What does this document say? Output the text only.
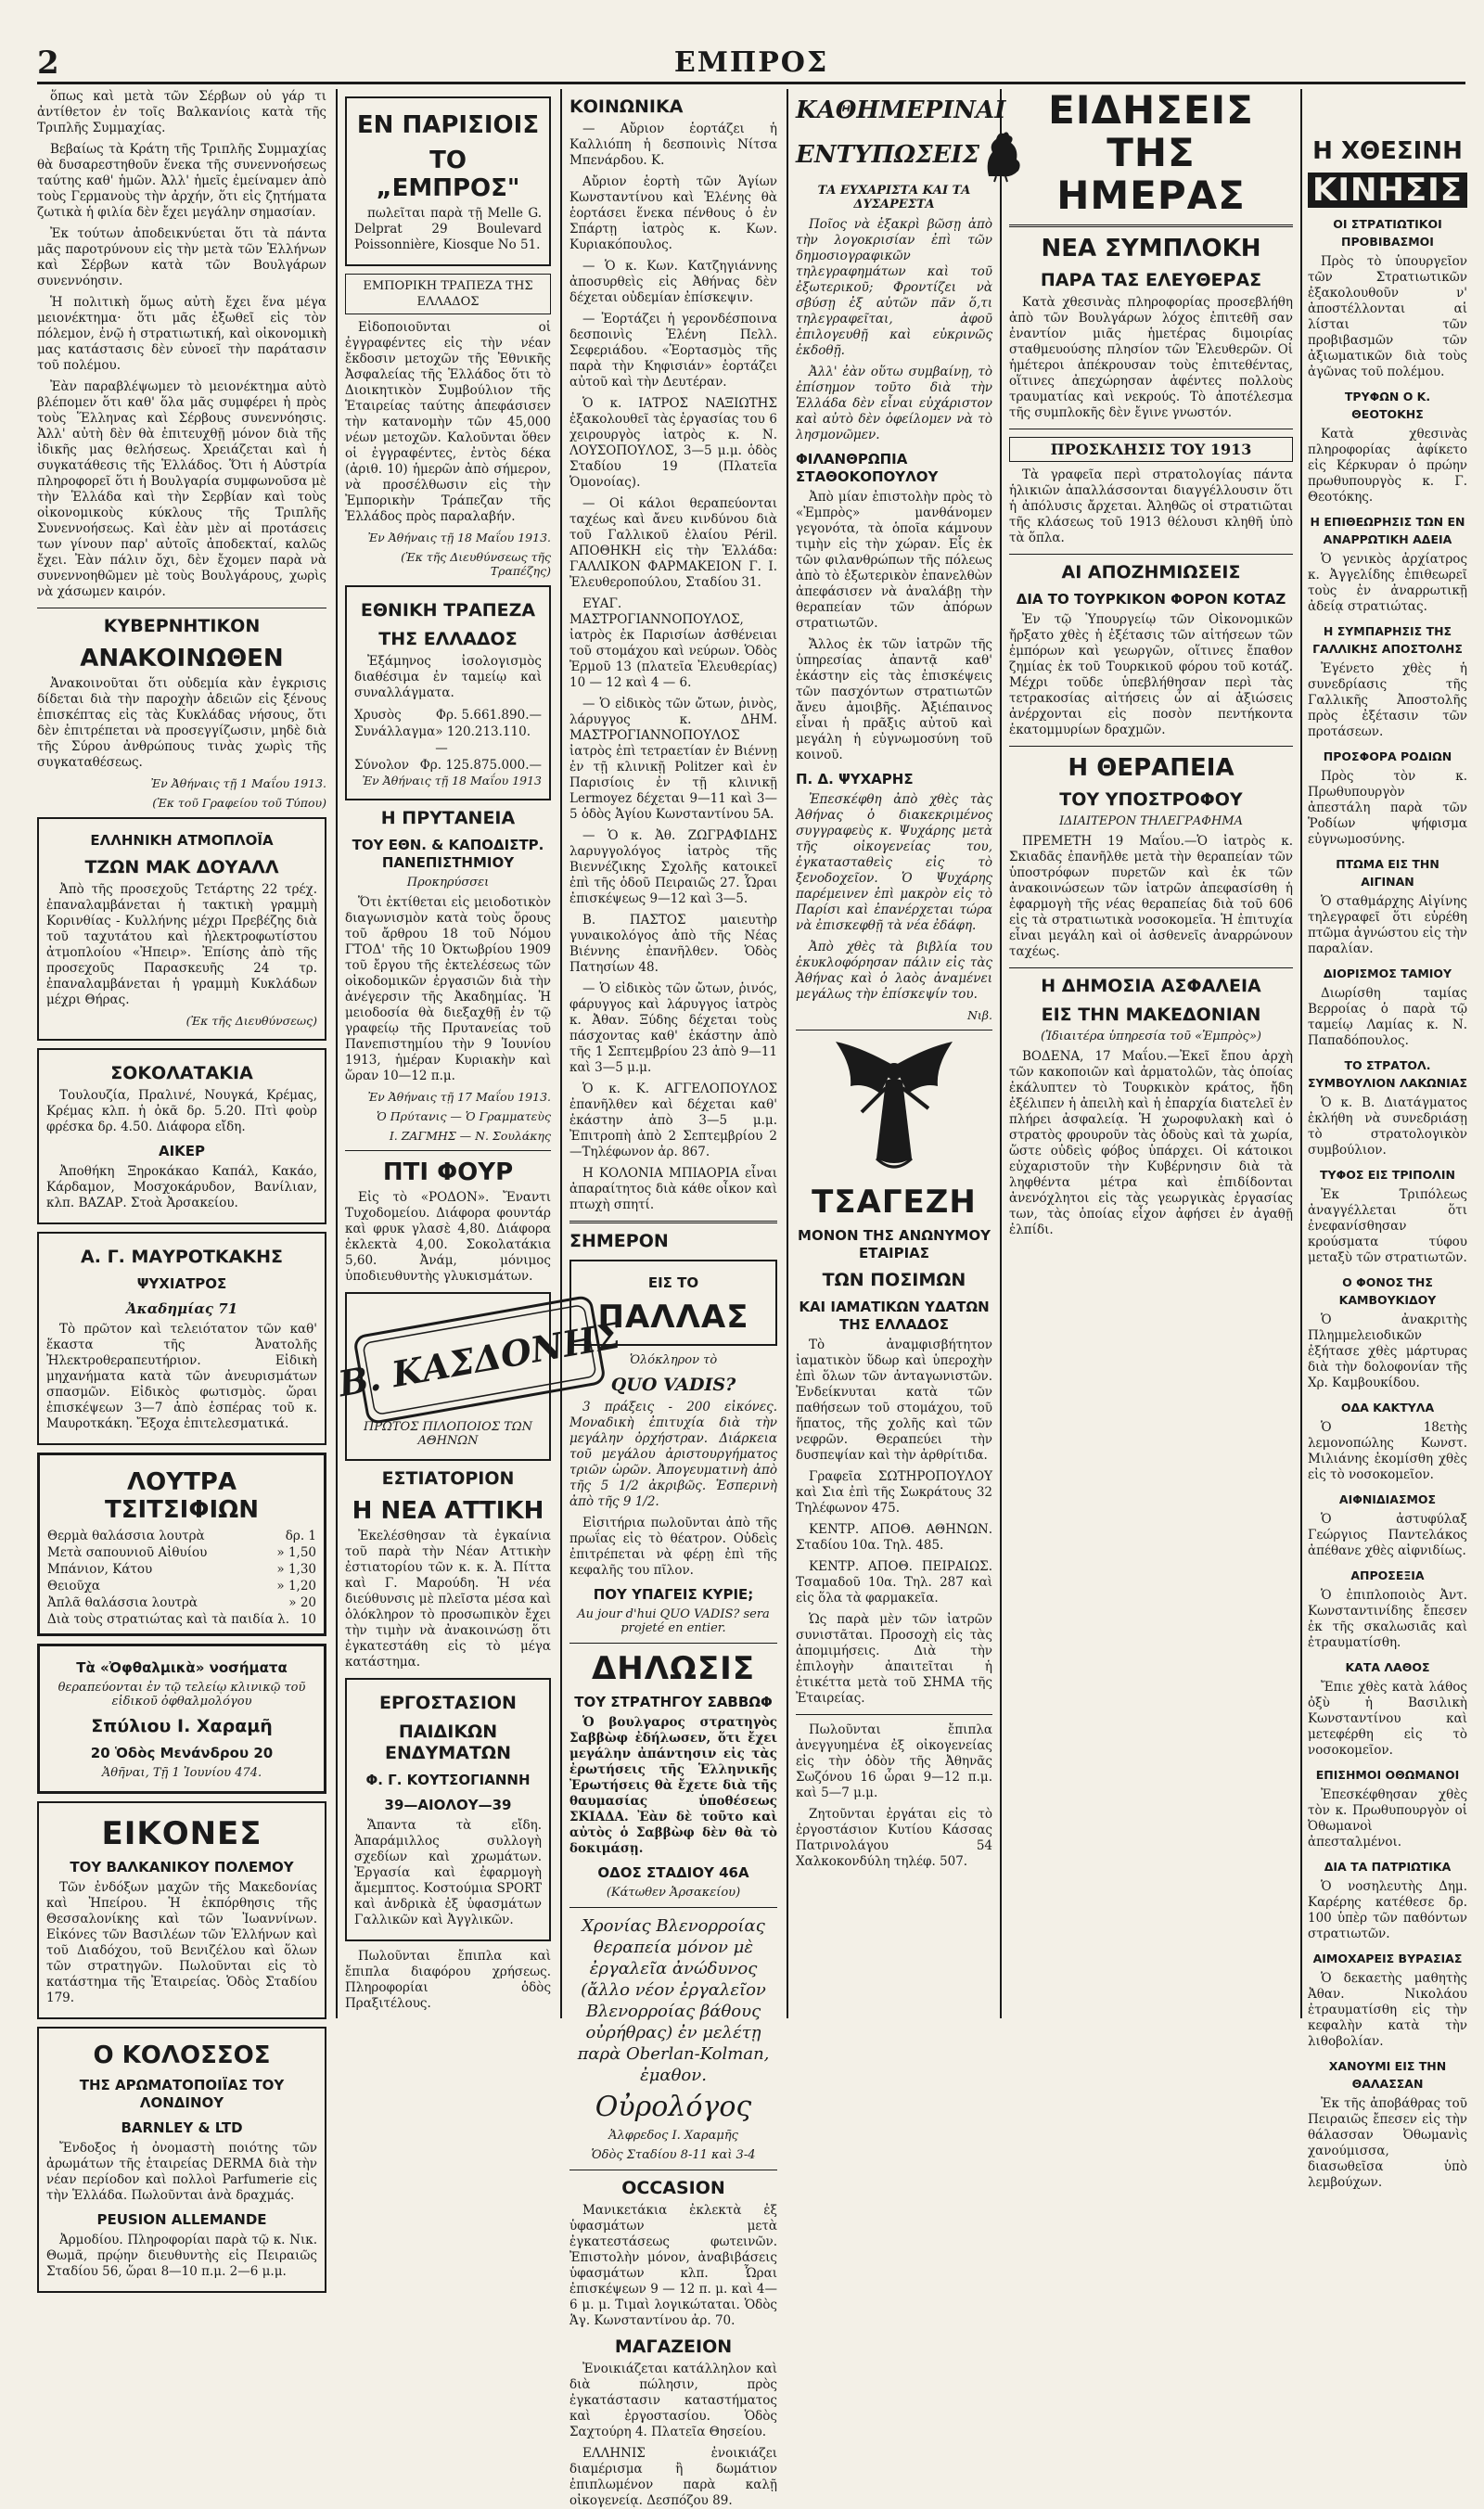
2	ΕΜΠΡΟΣ

ὅπως καὶ μετὰ τῶν Σέρβων οὐ γάρ τι ἀντίθετον ἐν τοῖς Βαλκανίοις κατὰ τῆς Τριπλῆς Συμμαχίας.

Βεβαίως τὰ Κράτη τῆς Τριπλῆς Συμμαχίας θὰ δυσαρεστηθοῦν ἕνεκα τῆς συνεννοήσεως ταύτης καθ' ἡμῶν. Ἀλλ' ἡμεῖς ἐμείναμεν ἀπὸ τοὺς Γερμανοὺς τὴν ἀρχήν, ὅτι εἰς ζητήματα ζωτικὰ ἡ φιλία δὲν ἔχει μεγάλην σημασίαν.

Ἐκ τούτων ἀποδεικνύεται ὅτι τὰ πάντα μᾶς παροτρύνουν εἰς τὴν μετὰ τῶν Ἑλλήνων καὶ Σέρβων κατὰ τῶν Βουλγάρων συνεννόησιν.

Ἡ πολιτικὴ ὅμως αὐτὴ ἔχει ἕνα μέγα μειονέκτημα· ὅτι μᾶς ἐξωθεῖ εἰς τὸν πόλεμον, ἐνῷ ἡ στρατιωτική, καὶ οἰκονομικὴ μας κατάστασις δὲν εὐνοεῖ τὴν παράτασιν τοῦ πολέμου.

Ἐὰν παραβλέψωμεν τὸ μειονέκτημα αὐτὸ βλέπομεν ὅτι καθ' ὅλα μᾶς συμφέρει ἡ πρὸς τοὺς Ἕλληνας καὶ Σέρβους συνεννόησις. Ἀλλ' αὐτὴ δὲν θὰ ἐπιτευχθῇ μόνον διὰ τῆς ἰδικῆς μας θελήσεως. Χρειάζεται καὶ ἡ συγκατάθεσις τῆς Ἑλλάδος. Ὅτι ἡ Αὐστρία πληροφορεῖ ὅτι ἡ Βουλγαρία συμφωνοῦσα μὲ τὴν Ἑλλάδα καὶ τὴν Σερβίαν καὶ τοὺς οἰκονομικοὺς κύκλους τῆς Τριπλῆς Συνεννοήσεως. Καὶ ἐὰν μὲν αἱ προτάσεις των γίνουν παρ' αὐτοῖς ἀποδεκταί, καλῶς ἔχει. Ἐὰν πάλιν ὄχι, δὲν ἔχομεν παρὰ νὰ συνεννοηθῶμεν μὲ τοὺς Βουλγάρους, χωρὶς νὰ χάσωμεν καιρόν.

ΚΥΒΕΡΝΗΤΙΚΟΝ
ΑΝΑΚΟΙΝΩΘΕΝ

Ἀνακοινοῦται ὅτι οὐδεμία κὰν ἐγκρισις δίδεται διὰ τὴν παροχὴν ἀδειῶν εἰς ξένους ἐπισκέπτας εἰς τὰς Κυκλάδας νήσους, ὅτι δὲν ἐπιτρέπεται νὰ προσεγγίζωσιν, μηδὲ διὰ τῆς Σύρου ἀνθρώπους τινὰς χωρὶς τῆς συγκαταθέσεως.

Ἐν Ἀθήναις τῇ 1 Μαΐου 1913.
(Ἐκ τοῦ Γραφείου τοῦ Τύπου)
ΕΛΛΗΝΙΚΗ ΑΤΜΟΠΛΟΪΑ
ΤΖΩΝ ΜΑΚ ΔΟΥΑΛΛ

Ἀπὸ τῆς προσεχοῦς Τετάρτης 22 τρέχ. ἐπαναλαμβάνεται ἡ τακτικὴ γραμμὴ Κορινθίας - Κυλλήνης μέχρι Πρεβέζης διὰ τοῦ ταχυτάτου καὶ ἠλεκτροφωτίστου ἀτμοπλοίου «Ἠπειρ». Ἐπίσης ἀπὸ τῆς προσεχοῦς Παρασκευῆς 24 τρ. ἐπαναλαμβάνεται ἡ γραμμὴ Κυκλάδων μέχρι Θήρας.

(Ἐκ τῆς Διευθύνσεως)
ΣΟΚΟΛΑΤΑΚΙΑ

Τουλουζία, Πραλινέ, Νουγκά, Κρέμας, Κρέμας κλπ. ἡ ὀκᾶ δρ. 5.20. Πτὶ φοὺρ φρέσκα δρ. 4.50. Διάφορα εἴδη.

ΑΙΚΕΡ

Ἀποθήκη Ξηροκάκαο Καπάλ, Κακάο, Κάρδαμον, Μοσχοκάρυδον, Βανίλιαν, κλπ. ΒΑΖΑΡ. Στοὰ Ἀρσακείου.

Α. Γ. ΜΑΥΡΟΤΚΑΚΗΣ
ΨΥΧΙΑΤΡΟΣ
Ἀκαδημίας 71

Τὸ πρῶτον καὶ τελειότατον τῶν καθ' ἕκαστα τῆς Ἀνατολῆς Ἠλεκτροθεραπευτήριον. Εἰδικὴ μηχανήματα κατὰ τῶν ἀνευρισμάτων σπασμῶν. Εἰδικὸς φωτισμὸς. ὥραι ἐπισκέψεων 3—7 ἀπὸ ἑσπέρας τοῦ κ. Μαυροτκάκη. Ἔξοχα ἐπιτελεσματικά.

ΛΟΥΤΡΑ ΤΣΙΤΣΙΦΙΩΝ
Θερμὰ θαλάσσια λουτρὰ	δρ. 1
Μετὰ σαπουνιοῦ Αἰθυίου	» 1,50
Μπάνιον, Κάτου	» 1,30
Θειοῦχα	» 1,20
Ἀπλᾶ θαλάσσια λουτρὰ	» 20
Διὰ τοὺς στρατιώτας καὶ τὰ παιδία λ. 10
Τὰ «Ὀφθαλμικὰ» νοσήματα
θεραπεύονται ἐν τῷ τελείῳ κλινικῷ τοῦ εἰδικοῦ ὀφθαλμολόγου
Σπύλιου Ι. Χαραμῆ
20 Ὁδὸς Μενάνδρου 20
Ἀθῆναι, Τῇ 1 Ἰουνίου 474.
ΕΙΚΟΝΕΣ
ΤΟΥ ΒΑΛΚΑΝΙΚΟΥ ΠΟΛΕΜΟΥ

Τῶν ἐνδόξων μαχῶν τῆς Μακεδονίας καὶ Ἠπείρου. Ἡ ἐκπόρθησις τῆς Θεσσαλονίκης καὶ τῶν Ἰωαννίνων. Εἰκόνες τῶν Βασιλέων τῶν Ἑλλήνων καὶ τοῦ Διαδόχου, τοῦ Βενιζέλου καὶ ὅλων τῶν στρατηγῶν. Πωλοῦνται εἰς τὸ κατάστημα τῆς Ἐταιρείας. Ὁδὸς Σταδίου 179.

Ο ΚΟΛΟΣΣΟΣ
ΤΗΣ ΑΡΩΜΑΤΟΠΟΙΪΑΣ ΤΟΥ ΛΟΝΔΙΝΟΥ
BARNLEY & LTD

Ἔνδοξος ἡ ὀνομαστὴ ποιότης τῶν ἀρωμάτων τῆς ἑταιρείας DERMA διὰ τὴν νέαν περίοδον καὶ πολλοὶ Parfumerie εἰς τὴν Ἑλλάδα. Πωλοῦνται ἀνὰ δραχμάς.

PEUSION ALLEMANDE

Ἀρμοδίου. Πληροφορίαι παρὰ τῷ κ. Νικ. Θωμᾶ, πρῴην διευθυντὴς εἰς Πειραιῶς Σταδίου 56, ὥραι 8—10 π.μ. 2—6 μ.μ.

ΕΝ ΠΑΡΙΣΙΟΙΣ
ΤΟ „ΕΜΠΡΟΣ"

πωλεῖται παρὰ τῇ Melle G. Delprat 29 Boulevard Poissonnière, Kiosque No 51.

ΕΜΠΟΡΙΚΗ ΤΡΑΠΕΖΑ ΤΗΣ ΕΛΛΑΔΟΣ

Εἰδοποιοῦνται οἱ ἐγγραφέντες εἰς τὴν νέαν ἔκδοσιν μετοχῶν τῆς Ἐθνικῆς Ἀσφαλείας τῆς Ἑλλάδος ὅτι τὸ Διοικητικὸν Συμβούλιον τῆς Ἑταιρείας ταύτης ἀπεφάσισεν τὴν κατανομὴν τῶν 45,000 νέων μετοχῶν. Καλοῦνται ὅθεν οἱ ἐγγραφέντες, ἐντὸς δέκα (ἀριθ. 10) ἡμερῶν ἀπὸ σήμερον, νὰ προσέλθωσιν εἰς τὴν Ἐμπορικὴν Τράπεζαν τῆς Ἑλλάδος πρὸς παραλαβήν.

Ἐν Ἀθήναις τῇ 18 Μαΐου 1913.
(Ἐκ τῆς Διευθύνσεως τῆς Τραπέζης)
ΕΘΝΙΚΗ ΤΡΑΠΕΖΑ
ΤΗΣ ΕΛΛΑΔΟΣ

Ἐξάμηνος ἰσολογισμὸς διαθέσιμα ἐν ταμείῳ καὶ συναλλάγματα.

Χρυσὸς	Φρ. 5.661.890.—
Συνάλλαγμα » 120.213.110.—
Σύνολον Φρ. 125.875.000.—
Ἐν Ἀθήναις τῇ 18 Μαΐου 1913
Η ΠΡΥΤΑΝΕΙΑ
ΤΟΥ ΕΘΝ. & ΚΑΠΟΔΙΣΤΡ. ΠΑΝΕΠΙΣΤΗΜΙΟΥ
Προκηρύσσει

Ὅτι ἐκτίθεται εἰς μειοδοτικὸν διαγωνισμὸν κατὰ τοὺς ὅρους τοῦ ἄρθρου 18 τοῦ Νόμου ΓΤΟΔ' τῆς 10 Ὀκτωβρίου 1909 τοῦ ἔργου τῆς ἐκτελέσεως τῶν οἰκοδομικῶν ἐργασιῶν διὰ τὴν ἀνέγερσιν τῆς Ἀκαδημίας. Ἡ μειοδοσία θὰ διεξαχθῇ ἐν τῷ γραφείῳ τῆς Πρυτανείας τοῦ Πανεπιστημίου τὴν 9 Ἰουνίου 1913, ἡμέραν Κυριακὴν καὶ ὥραν 10—12 π.μ.

Ἐν Ἀθήναις τῇ 17 Μαΐου 1913.
Ὁ Πρύτανις — Ὁ Γραμματεὺς
Ι. ΖΑΓΜΗΣ — Ν. Σουλάκης
ΠΤΙ ΦΟΥΡ

Εἰς τὸ «ΡΟΔΟΝ». Ἔναντι Τυχοδομείου. Διάφορα φουντάρ καὶ φρυκ γλασὲ 4,80. Διάφορα ἐκλεκτὰ 4,00. Σοκολατάκια 5,60. Ἀνάμ, μόνιμος ὑποδιευθυντὴς γλυκισμάτων.

Β. ΚΑΣΔΟΝΗΣ
ΠΡΩΤΟΣ ΠΙΛΟΠΟΙΟΣ ΤΩΝ ΑΘΗΝΩΝ
ΕΣΤΙΑΤΟΡΙΟΝ
Η ΝΕΑ ΑΤΤΙΚΗ

Ἐκελέσθησαν τὰ ἐγκαίνια τοῦ παρὰ τὴν Νέαν Αττικὴν ἐστιατορίου τῶν κ. κ. Ἀ. Πίττα καὶ Γ. Μαρούδη. Ἡ νέα διεύθυνσις μὲ πλεῖστα μέσα καὶ ὁλόκληρον τὸ προσωπικὸν ἔχει τὴν τιμὴν νὰ ἀνακοινώσῃ ὅτι ἐγκατεστάθη εἰς τὸ μέγα κατάστημα.

ΕΡΓΟΣΤΑΣΙΟΝ
ΠΑΙΔΙΚΩΝ ΕΝΔΥΜΑΤΩΝ
Φ. Γ. ΚΟΥΤΣΟΓΙΑΝΝΗ
39—ΑΙΟΛΟΥ—39

Ἄπαντα τὰ εἴδη. Ἀπαράμιλλος συλλογὴ σχεδίων καὶ χρωμάτων. Ἐργασία καὶ ἐφαρμογὴ ἄμεμπτος. Κοστούμια SPORT καὶ ἀνδρικὰ ἐξ ὑφασμάτων Γαλλικῶν καὶ Ἀγγλικῶν.

Πωλοῦνται ἔπιπλα καὶ ἔπιπλα διαφόρου χρήσεως. Πληροφορίαι ὁδὸς Πραξιτέλους.

ΚΟΙΝΩΝΙΚΑ

— Αὔριον ἑορτάζει ἡ Καλλιόπη ἡ δεσποινὶς Νίτσα Μπενάρδου. Κ.

Αὔριον ἑορτὴ τῶν Ἁγίων Κωνσταντίνου καὶ Ἑλένης θὰ ἑορτάσει ἕνεκα πένθους ὁ ἐν Σπάρτῃ ἰατρὸς κ. Κων. Κυριακόπουλος.

— Ὁ κ. Κων. Κατζηγιάννης ἀποσυρθεὶς εἰς Ἀθήνας δὲν δέχεται οὐδεμίαν ἐπίσκεψιν.

— Ἑορτάζει ἡ γερονδέσποινα δεσποινὶς Ἑλένη Πελλ. Σεφεριάδου. «Ἑορτασμὸς τῆς παρὰ τὴν Κηφισιάν» ἑορτάζει αὐτοῦ καὶ τὴν Δευτέραν.

Ὁ κ. ΙΑΤΡΟΣ ΝΑΞΙΩΤΗΣ ἐξακολουθεῖ τὰς ἐργασίας του 6 χειρουργὸς ἰατρὸς κ. Ν. ΛΟΥΣΟΠΟΥΛΟΣ, 3—5 μ.μ. ὁδὸς Σταδίου 19 (Πλατεῖα Ὁμονοίας).

— Οἱ κάλοι θεραπεύονται ταχέως καὶ ἄνευ κινδύνου διὰ τοῦ Γαλλικοῦ ἐλαίου Péril. ΑΠΟΘΗΚΗ εἰς τὴν Ἑλλάδα: ΓΑΛΛΙΚΟΝ ΦΑΡΜΑΚΕΙΟΝ Γ. Ι. Ἐλευθεροπούλου, Σταδίου 31.

ΕΥΑΓ. ΜΑΣΤΡΟΓΙΑΝΝΟΠΟΥΛΟΣ, ἰατρὸς ἐκ Παρισίων ἀσθένειαι τοῦ στομάχου καὶ νεύρων. Ὁδὸς Ἑρμοῦ 13 (πλατεῖα Ἐλευθερίας) 10 — 12 καὶ 4 — 6.

— Ὁ εἰδικὸς τῶν ὤτων, ῥινὸς, λάρυγγος κ. ΔΗΜ. ΜΑΣΤΡΟΓΙΑΝΝΟΠΟΥΛΟΣ ἰατρὸς ἐπὶ τετραετίαν ἐν Βιέννῃ ἐν τῇ κλινικῇ Politzer καὶ ἐν Παρισίοις ἐν τῇ κλινικῇ Lermoyez δέχεται 9—11 καὶ 3—5 ὁδὸς Ἁγίου Κωνσταντίνου 5Α.

— Ὁ κ. Ἀθ. ΖΩΓΡΑΦΙΔΗΣ λαρυγγολόγος ἰατρὸς τῆς Βιεννέζικης Σχολῆς κατοικεῖ ἐπὶ τῆς ὁδοῦ Πειραιῶς 27. Ὧραι ἐπισκέψεως 9—12 καὶ 3—5.

Β. ΠΑΣΤΟΣ μαιευτὴρ γυναικολόγος ἀπὸ τῆς Νέας Βιέννης ἐπανῆλθεν. Ὁδὸς Πατησίων 48.

— Ὁ εἰδικὸς τῶν ὤτων, ῥινός, φάρυγγος καὶ λάρυγγος ἰατρὸς κ. Ἀθαν. Ξύδης δέχεται τοὺς πάσχοντας καθ' ἑκάστην ἀπὸ τῆς 1 Σεπτεμβρίου 23 ἀπὸ 9—11 καὶ 3—5 μ.μ.

Ὁ κ. Κ. ΑΓΓΕΛΟΠΟΥΛΟΣ ἐπανῆλθεν καὶ δέχεται καθ' ἑκάστην ἀπὸ 3—5 μ.μ. Ἐπιτροπὴ ἀπὸ 2 Σεπτεμβρίου 2—Τηλέφωνον ἀρ. 867.

Η ΚΟΛΟΝΙΑ ΜΠΙΑΟΡΙΑ εἶναι ἀπαραίτητος διὰ κάθε οἶκον καὶ πτωχὴ σπητί.

ΣΗΜΕΡΟΝ
ΕΙΣ ΤΟ
ΠΑΛΛΑΣ
Ὁλόκληρον τὸ
QUO VADIS?

3 πράξεις - 200 εἰκόνες. Μοναδικὴ ἐπιτυχία διὰ τὴν μεγάλην ὀρχήστραν. Διάρκεια τοῦ μεγάλου ἀριστουργήματος τριῶν ὡρῶν. Ἀπογευματινὴ ἀπὸ τῆς 5 1/2 ἀκριβῶς. Ἑσπερινὴ ἀπὸ τῆς 9 1/2.

Εἰσιτήρια πωλοῦνται ἀπὸ τῆς πρωΐας εἰς τὸ θέατρον. Οὐδεὶς ἐπιτρέπεται νὰ φέρῃ ἐπὶ τῆς κεφαλῆς του πῖλον.

ΠΟΥ ΥΠΑΓΕΙΣ ΚΥΡΙΕ;
Au jour d'hui QUO VADIS? sera projeté en entier.
ΔΗΛΩΣΙΣ
ΤΟΥ ΣΤΡΑΤΗΓΟΥ ΣΑΒΒΩΦ

Ὁ βουλγαρος στρατηγὸς Σαββὼφ ἐδήλωσεν, ὅτι ἔχει μεγάλην ἀπάντησιν εἰς τὰς ἐρωτήσεις τῆς Ἑλληνικῆς Ἐρωτήσεις θὰ ἔχετε διὰ τῆς θαυμασίας ὑποθέσεως ΣΚΙΑΔΑ. Ἐὰν δὲ τοῦτο καὶ αὐτὸς ὁ Σαββὼφ δὲν θὰ τὸ δοκιμάσῃ.

ΟΔΟΣ ΣΤΑΔΙΟΥ 46Α
(Κάτωθεν Ἀρσακείου)
Χρονίας Βλενορροίας θεραπεία μόνον μὲ ἐργαλεῖα ἀνώδυνος (ἄλλο νέον ἐργαλεῖον Βλενορροίας βάθους οὐρήθρας) ἐν μελέτῃ παρὰ Oberlan-Kolman, ἐμαθον.
Οὐρολόγος
Ἀλφρεδος Ι. Χαραμῆς
Ὁδὸς Σταδίου 8-11 καὶ 3-4
OCCASION

Μανικετάκια ἐκλεκτὰ ἐξ ὑφασμάτων μετὰ ἐγκατεστάσεως φωτεινῶν. Ἐπιστολὴν μόνον, ἀναβιβάσεις ὑφασμάτων κλπ. Ὧραι ἐπισκέψεων 9 — 12 π. μ. καὶ 4—6 μ. μ. Τιμαὶ λογικώταται. Ὁδὸς Ἁγ. Κωνσταντίνου ἀρ. 70.

ΜΑΓΑΖΕΙΟΝ

Ἐνοικιάζεται κατάλληλον καὶ διὰ πώλησιν, πρὸς ἐγκατάστασιν καταστήματος καὶ ἐργοστασίου. Ὁδὸς Σαχτούρη 4. Πλατεῖα Θησείου.

ΕΛΛΗΝΙΣ ἐνοικιάζει διαμέρισμα ἢ δωμάτιον ἐπιπλωμένον παρὰ καλῇ οἰκογενείᾳ. Δεσπόζου 89.

ΚΑΘΗΜΕΡΙΝΑΙ
ΕΝΤΥΠΩΣΕΙΣ
ΤΑ ΕΥΧΑΡΙΣΤΑ ΚΑΙ ΤΑ ΔΥΣΑΡΕΣΤΑ

Ποῖος νὰ ἐξακρὶ βῶσῃ ἀπὸ τὴν λογοκρισίαν ἐπὶ τῶν δημοσιογραφικῶν τηλεγραφημάτων καὶ τοῦ ἐξωτερικοῦ; Φροντίζει νὰ σβύσῃ ἐξ αὐτῶν πᾶν ὅ,τι τηλεγραφεῖται, ἀφοῦ ἐπιλογευθῇ καὶ εὐκρινῶς ἐκδοθῇ.

Ἀλλ' ἐὰν οὕτω συμβαίνῃ, τὸ ἐπίσημον τοῦτο διὰ τὴν Ἑλλάδα δὲν εἶναι εὐχάριστον καὶ αὐτὸ δὲν ὀφείλομεν νὰ τὸ λησμονῶμεν.

ΦΙΛΑΝΘΡΩΠΙΑ ΣΤΑΘΟΚΟΠΟΥΛΟΥ

Ἀπὸ μίαν ἐπιστολὴν πρὸς τὸ «Ἐμπρὸς» μανθάνομεν γεγονότα, τὰ ὁποῖα κάμνουν τιμὴν εἰς τὴν χώραν. Εἷς ἐκ τῶν φιλανθρώπων τῆς πόλεως ἀπὸ τὸ ἐξωτερικὸν ἐπανελθὼν ἀπεφάσισεν νὰ ἀναλάβῃ τὴν θεραπείαν τῶν ἀπόρων στρατιωτῶν.

Ἄλλος ἐκ τῶν ἰατρῶν τῆς ὑπηρεσίας ἀπαντᾷ καθ' ἑκάστην εἰς τὰς ἐπισκέψεις τῶν πασχόντων στρατιωτῶν ἄνευ ἀμοιβῆς. Ἀξιέπαινος εἶναι ἡ πρᾶξις αὐτοῦ καὶ μεγάλη ἡ εὐγνωμοσύνη τοῦ κοινοῦ.

Π. Δ. ΨΥΧΑΡΗΣ

Ἐπεσκέφθη ἀπὸ χθὲς τὰς Ἀθήνας ὁ διακεκριμένος συγγραφεὺς κ. Ψυχάρης μετὰ τῆς οἰκογενείας του, ἐγκατασταθεὶς εἰς τὸ ξενοδοχεῖον. Ὁ Ψυχάρης παρέμεινεν ἐπὶ μακρὸν εἰς τὸ Παρίσι καὶ ἐπανέρχεται τώρα νὰ ἐπισκεφθῇ τὰ νέα ἐδάφη.

Ἀπὸ χθὲς τὰ βιβλία του ἐκυκλοφόρησαν πάλιν εἰς τὰς Ἀθήνας καὶ ὁ λαὸς ἀναμένει μεγάλως τὴν ἐπίσκεψίν του.

Νιβ.
ΤΣΑΓΕΖΗ
ΜΟΝΟΝ ΤΗΣ ΑΝΩΝΥΜΟΥ ΕΤΑΙΡΙΑΣ
ΤΩΝ ΠΟΣΙΜΩΝ
ΚΑΙ ΙΑΜΑΤΙΚΩΝ ΥΔΑΤΩΝ ΤΗΣ ΕΛΛΑΔΟΣ

Τὸ ἀναμφισβήτητον ἰαματικὸν ὕδωρ καὶ ὑπεροχὴν ἐπὶ ὅλων τῶν ἀνταγωνιστῶν. Ἐνδείκνυται κατὰ τῶν παθήσεων τοῦ στομάχου, τοῦ ἥπατος, τῆς χολῆς καὶ τῶν νεφρῶν. Θεραπεύει τὴν δυσπεψίαν καὶ τὴν ἀρθρίτιδα.

Γραφεῖα ΣΩΤΗΡΟΠΟΥΛΟΥ καὶ Σια ἐπὶ τῆς Σωκράτους 32 Τηλέφωνον 475.

ΚΕΝΤΡ. ΑΠΟΘ. ΑΘΗΝΩΝ. Σταδίου 10α. Τηλ. 485.

ΚΕΝΤΡ. ΑΠΟΘ. ΠΕΙΡΑΙΩΣ. Τσαμαδοῦ 10α. Τηλ. 287 καὶ εἰς ὅλα τὰ φαρμακεῖα.

Ὡς παρὰ μὲν τῶν ἰατρῶν συνιστᾶται. Προσοχὴ εἰς τὰς ἀπομιμήσεις. Διὰ τὴν ἐπιλογὴν ἀπαιτεῖται ἡ ἐτικέττα μετὰ τοῦ ΣΗΜΑ τῆς Ἐταιρείας.

Πωλοῦνται ἔπιπλα ἀνεγγυημένα ἐξ οἰκογενείας εἰς τὴν ὁδὸν τῆς Ἀθηνᾶς Σωζόνου 16 ὧραι 9—12 π.μ. καὶ 5—7 μ.μ.

Ζητοῦνται ἐργάται εἰς τὸ ἐργοστάσιον Κυτίου Κάσσας Πατρινολάγου 54 Χαλκοκονδύλη τηλέφ. 507.

ΕΙΔΗΣΕΙΣ ΤΗΣ ΗΜΕΡΑΣ
ΝΕΑ ΣΥΜΠΛΟΚΗ
ΠΑΡΑ ΤΑΣ ΕΛΕΥΘΕΡΑΣ

Κατὰ χθεσινὰς πληροφορίας προσεβλήθη ἀπὸ τῶν Βουλγάρων λόχος ἐπιτεθῆ σαν ἐναντίον μιᾶς ἡμετέρας διμοιρίας σταθμευούσης πλησίον τῶν Ἐλευθερῶν. Οἱ ἡμέτεροι ἀπέκρουσαν τοὺς ἐπιτεθέντας, οἵτινες ἀπεχώρησαν ἀφέντες πολλοὺς τραυματίας καὶ νεκρούς. Τὸ ἀποτέλεσμα τῆς συμπλοκῆς δὲν ἔγινε γνωστόν.

ΠΡΟΣΚΛΗΣΙΣ ΤΟΥ 1913

Τὰ γραφεῖα περὶ στρατολογίας πάντα ἡλικιῶν ἀπαλλάσσονται διαγγέλλουσιν ὅτι ἡ ἀπόλυσις ἄρχεται. Ἀληθῶς οἱ στρατιῶται τῆς κλάσεως τοῦ 1913 θέλουσι κληθῆ ὑπὸ τὰ ὅπλα.

ΑΙ ΑΠΟΖΗΜΙΩΣΕΙΣ
ΔΙΑ ΤΟ ΤΟΥΡΚΙΚΟΝ ΦΟΡΟΝ ΚΟΤΑΖ

Ἐν τῷ Ὑπουργείῳ τῶν Οἰκονομικῶν ἤρξατο χθὲς ἡ ἐξέτασις τῶν αἰτήσεων τῶν ἐμπόρων καὶ γεωργῶν, οἵτινες ἔπαθον ζημίας ἐκ τοῦ Τουρκικοῦ φόρου τοῦ κοτάζ. Μέχρι τοῦδε ὑπεβλήθησαν περὶ τὰς τετρακοσίας αἰτήσεις ὧν αἱ ἀξιώσεις ἀνέρχονται εἰς ποσὸν πεντήκοντα ἑκατομμυρίων δραχμῶν.

Η ΘΕΡΑΠΕΙΑ
ΤΟΥ ΥΠΟΣΤΡΟΦΟΥ
ΙΔΙΑΙΤΕΡΟΝ ΤΗΛΕΓΡΑΦΗΜΑ

ΠΡΕΜΕΤΗ 19 Μαΐου.—Ὁ ἰατρὸς κ. Σκιαδᾶς ἐπανῆλθε μετὰ τὴν θεραπείαν τῶν ὑποστρόφων πυρετῶν καὶ ἐκ τῶν ἀνακοινώσεων τῶν ἰατρῶν ἀπεφασίσθη ἡ ἐφαρμογὴ τῆς νέας θεραπείας διὰ τοῦ 606 εἰς τὰ στρατιωτικὰ νοσοκομεῖα. Ἡ ἐπιτυχία εἶναι μεγάλη καὶ οἱ ἀσθενεῖς ἀναρρώνουν ταχέως.

Η ΔΗΜΟΣΙΑ ΑΣΦΑΛΕΙΑ
ΕΙΣ ΤΗΝ ΜΑΚΕΔΟΝΙΑΝ
(Ἰδιαιτέρα ὑπηρεσία τοῦ «Ἐμπρὸς»)

ΒΟΔΕΝΑ, 17 Μαΐου.—Ἐκεῖ ἔπου ἀρχὴ τῶν κακοποιῶν καὶ ἀρματολῶν, τὰς ὁποίας ἐκάλυπτεν τὸ Τουρκικὸν κράτος, ἤδη ἐξέλιπεν ἡ ἀπειλὴ καὶ ἡ ἐπαρχία διατελεῖ ἐν πλήρει ἀσφαλείᾳ. Ἡ χωροφυλακὴ καὶ ὁ στρατὸς φρουροῦν τὰς ὁδοὺς καὶ τὰ χωρία, ὥστε οὐδεὶς φόβος ὑπάρχει. Οἱ κάτοικοι εὐχαριστοῦν τὴν Κυβέρνησιν διὰ τὰ ληφθέντα μέτρα καὶ ἐπιδίδονται ἀνενόχλητοι εἰς τὰς γεωργικὰς ἐργασίας των, τὰς ὁποίας εἶχον ἀφήσει ἐν ἀγαθῇ ἐλπίδι.

Η ΧΘΕΣΙΝΗ
ΚΙΝΗΣΙΣ
ΟΙ ΣΤΡΑΤΙΩΤΙΚΟΙ ΠΡΟΒΙΒΑΣΜΟΙ

Πρὸς τὸ ὑπουργεῖον τῶν Στρατιωτικῶν ἐξακολουθοῦν ν' ἀποστέλλονται αἱ λίσται τῶν προβιβασμῶν τῶν ἀξιωματικῶν διὰ τοὺς ἀγῶνας τοῦ πολέμου.

ΤΡΥΦΩΝ Ο Κ. ΘΕΟΤΟΚΗΣ

Κατὰ χθεσινὰς πληροφορίας ἀφίκετο εἰς Κέρκυραν ὁ πρώην πρωθυπουργὸς κ. Γ. Θεοτόκης.

Η ΕΠΙΘΕΩΡΗΣΙΣ ΤΩΝ ΕΝ ΑΝΑΡΡΩΤΙΚΗ ΑΔΕΙΑ

Ὁ γενικὸς ἀρχίατρος κ. Ἀγγελίδης ἐπιθεωρεῖ τοὺς ἐν ἀναρρωτικῇ ἀδείᾳ στρατιώτας.

Η ΣΥΜΠΑΡΗΣΙΣ ΤΗΣ ΓΑΛΛΙΚΗΣ ΑΠΟΣΤΟΛΗΣ

Ἐγένετο χθὲς ἡ συνεδρίασις τῆς Γαλλικῆς Ἀποστολῆς πρὸς ἐξέτασιν τῶν προτάσεων.

ΠΡΟΣΦΟΡΑ ΡΟΔΙΩΝ

Πρὸς τὸν κ. Πρωθυπουργὸν ἀπεστάλη παρὰ τῶν Ῥοδίων ψήφισμα εὐγνωμοσύνης.

ΠΤΩΜΑ ΕΙΣ ΤΗΝ ΑΙΓΙΝΑΝ

Ὁ σταθμάρχης Αἰγίνης τηλεγραφεῖ ὅτι εὑρέθη πτῶμα ἀγνώστου εἰς τὴν παραλίαν.

ΔΙΟΡΙΣΜΟΣ ΤΑΜΙΟΥ

Διωρίσθη ταμίας Βερροίας ὁ παρὰ τῷ ταμείῳ Λαμίας κ. Ν. Παπαδόπουλος.

ΤΟ ΣΤΡΑΤΟΛ. ΣΥΜΒΟΥΛΙΟΝ ΛΑΚΩΝΙΑΣ

Ὁ κ. Β. Διατάγματος ἐκλήθη νὰ συνεδριάσῃ τὸ στρατολογικὸν συμβούλιον.

ΤΥΦΟΣ ΕΙΣ ΤΡΙΠΟΛΙΝ

Ἐκ Τριπόλεως ἀναγγέλλεται ὅτι ἐνεφανίσθησαν κρούσματα τύφου μεταξὺ τῶν στρατιωτῶν.

Ο ΦΟΝΟΣ ΤΗΣ ΚΑΜΒΟΥΚΙΔΟΥ

Ὁ ἀνακριτὴς Πλημμελειοδικῶν ἐξήτασε χθὲς μάρτυρας διὰ τὴν δολοφονίαν τῆς Χρ. Καμβουκίδου.

ΟΔΑ ΚΑΚΤΥΛΑ

Ὁ 18ετὴς λεμονοπώλης Κωνστ. Μιλιάνης ἐκομίσθη χθὲς εἰς τὸ νοσοκομεῖον.

ΑΙΦΝΙΔΙΑΣΜΟΣ

Ὁ ἀστυφύλαξ Γεώργιος Παντελάκος ἀπέθανε χθὲς αἰφνιδίως.

ΑΠΡΟΣΕΞΙΑ

Ὁ ἐπιπλοποιὸς Ἀντ. Κωνσταντινίδης ἔπεσεν ἐκ τῆς σκαλωσιᾶς καὶ ἐτραυματίσθη.

ΚΑΤΑ ΛΑΘΟΣ

Ἔπιε χθὲς κατὰ λάθος ὀξὺ ἡ Βασιλικὴ Κωνσταντίνου καὶ μετεφέρθη εἰς τὸ νοσοκομεῖον.

ΕΠΙΣΗΜΟΙ ΟΘΩΜΑΝΟΙ

Ἐπεσκέφθησαν χθὲς τὸν κ. Πρωθυπουργὸν οἱ Ὀθωμανοὶ ἀπεσταλμένοι.

ΔΙΑ ΤΑ ΠΑΤΡΙΩΤΙΚΑ

Ὁ νοσηλευτὴς Δημ. Καρέρης κατέθεσε δρ. 100 ὑπὲρ τῶν παθόντων στρατιωτῶν.

ΑΙΜΟΧΑΡΕΙΣ ΒΥΡΑΣΙΑΣ

Ὁ δεκαετὴς μαθητὴς Ἀθαν. Νικολάου ἐτραυματίσθη εἰς τὴν κεφαλὴν κατὰ τὴν λιθοβολίαν.

ΧΑΝΟΥΜΙ ΕΙΣ ΤΗΝ ΘΑΛΑΣΣΑΝ

Ἐκ τῆς ἀποβάθρας τοῦ Πειραιῶς ἔπεσεν εἰς τὴν θάλασσαν Ὀθωμανὶς χανούμισσα, διασωθεῖσα ὑπὸ λεμβούχων.
